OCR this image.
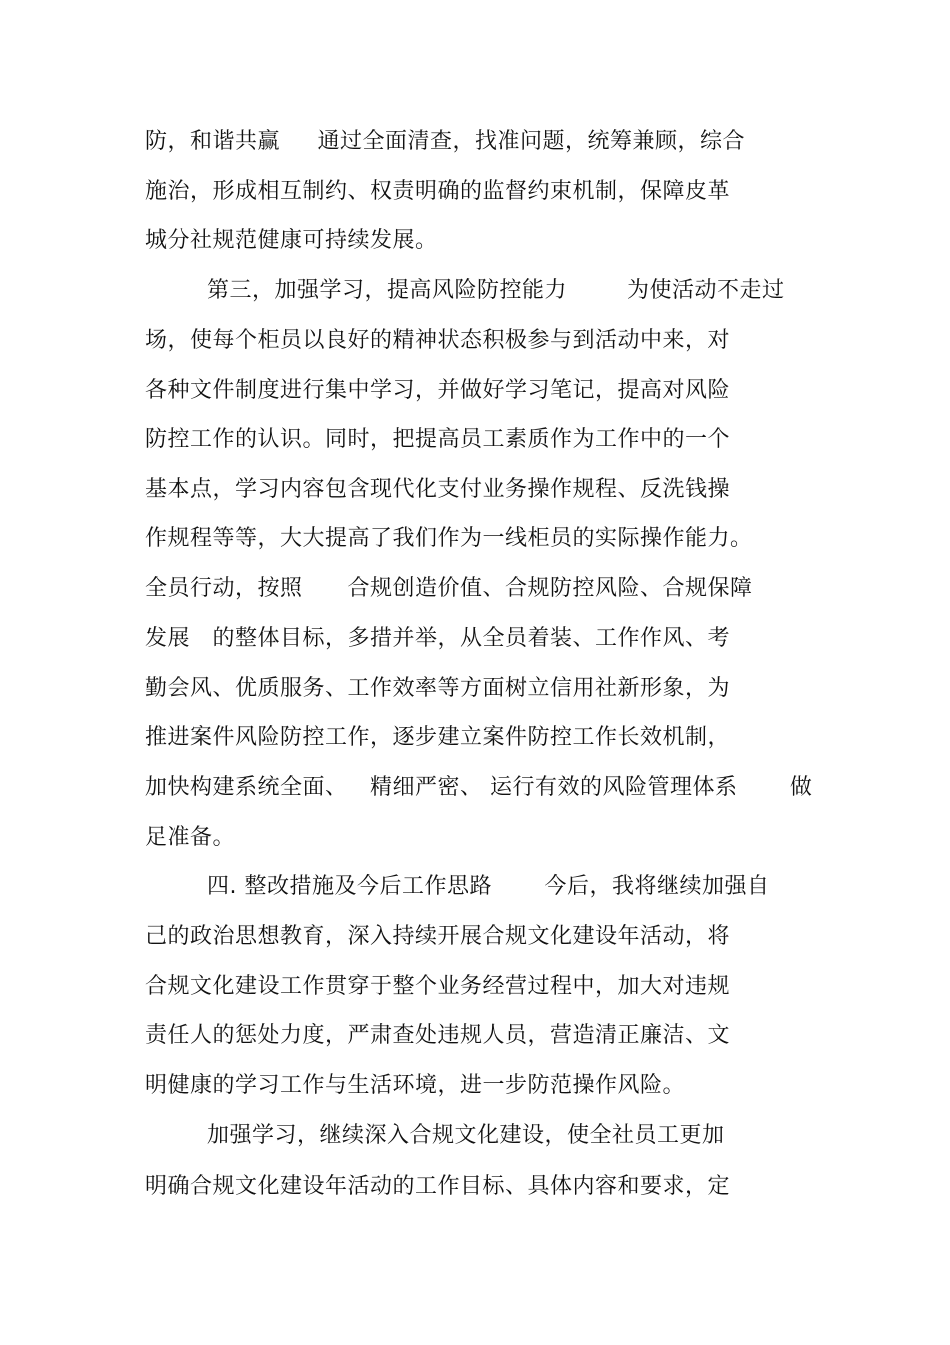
防，和谐共赢     通过全面清查，找准问题，统筹兼顾，综合
施治，形成相互制约、权责明确的监督约束机制，保障皮革
城分社规范健康可持续发展。
第三，加强学习，提高风险防控能力        为使活动不走过
场，使每个柜员以良好的精神状态积极参与到活动中来，对
各种文件制度进行集中学习，并做好学习笔记，提高对风险
防控工作的认识。同时，把提高员工素质作为工作中的一个
基本点，学习内容包含现代化支付业务操作规程、反洗钱操
作规程等等，大大提高了我们作为一线柜员的实际操作能力。
全员行动，按照      合规创造价值、合规防控风险、合规保障
发展   的整体目标，多措并举，从全员着装、工作作风、考
勤会风、优质服务、工作效率等方面树立信用社新形象，为
推进案件风险防控工作，逐步建立案件防控工作长效机制，
加快构建系统全面、   精细严密、 运行有效的风险管理体系       做
足准备。
四. 整改措施及今后工作思路       今后，我将继续加强自
己的政治思想教育，深入持续开展合规文化建设年活动，将
合规文化建设工作贯穿于整个业务经营过程中，加大对违规
责任人的惩处力度，严肃查处违规人员，营造清正廉洁、文
明健康的学习工作与生活环境，进一步防范操作风险。
加强学习，继续深入合规文化建设，使全社员工更加
明确合规文化建设年活动的工作目标、具体内容和要求，定
